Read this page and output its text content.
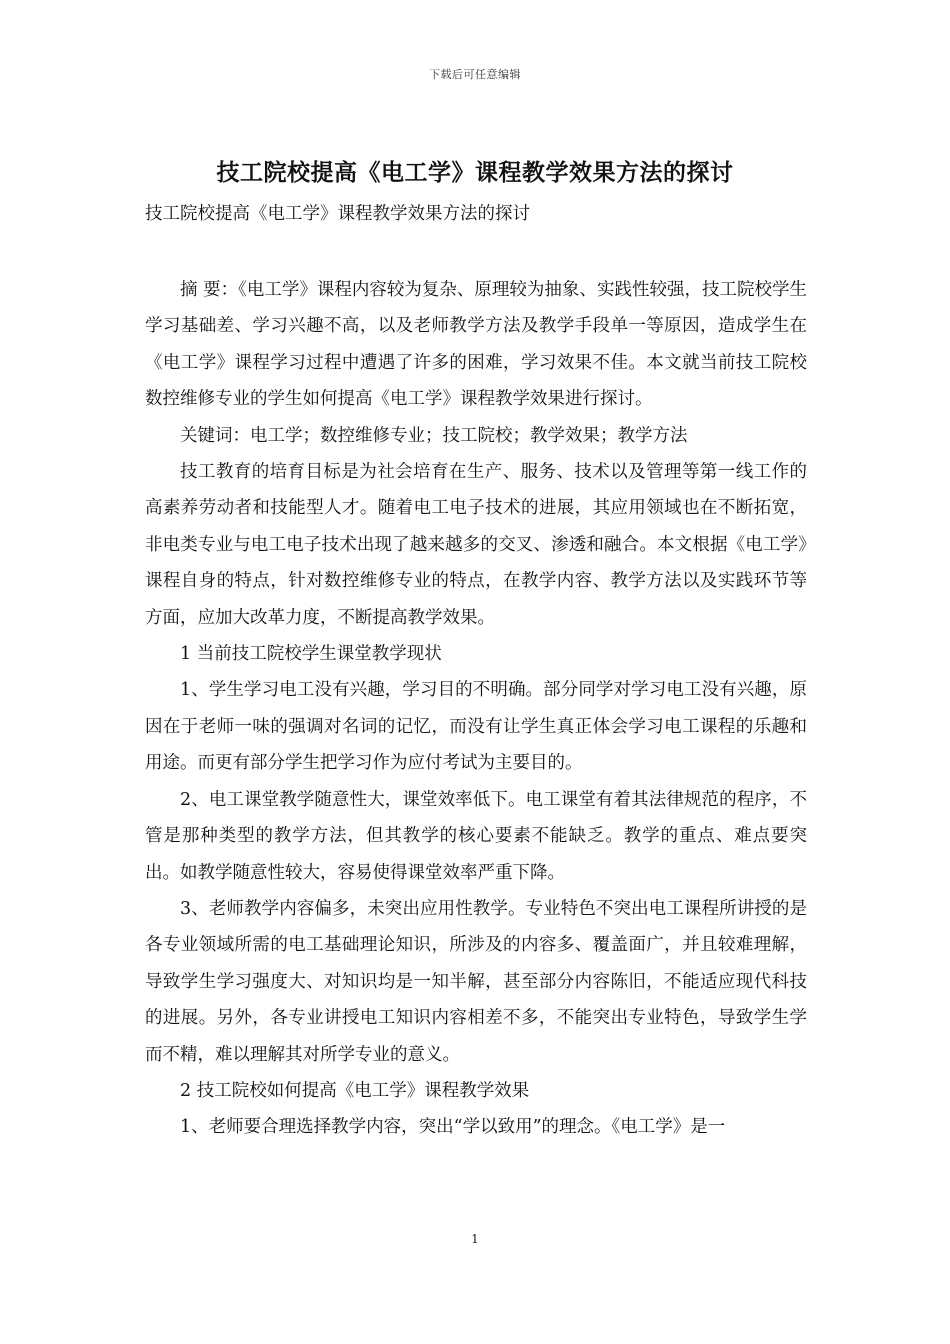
下载后可任意编辑
技工院校提高《电工学》课程教学效果方法的探讨
技工院校提高《电工学》课程教学效果方法的探讨

摘 要：《电工学》课程内容较为复杂、原理较为抽象、实践性较强，技工院校学生学习基础差、学习兴趣不高，以及老师教学方法及教学手段单一等原因，造成学生在《电工学》课程学习过程中遭遇了许多的困难，学习效果不佳。本文就当前技工院校数控维修专业的学生如何提高《电工学》课程教学效果进行探讨。

关键词：电工学；数控维修专业；技工院校；教学效果；教学方法

技工教育的培育目标是为社会培育在生产、服务、技术以及管理等第一线工作的高素养劳动者和技能型人才。随着电工电子技术的进展，其应用领域也在不断拓宽，非电类专业与电工电子技术出现了越来越多的交叉、渗透和融合。本文根据《电工学》课程自身的特点，针对数控维修专业的特点，在教学内容、教学方法以及实践环节等方面，应加大改革力度，不断提高教学效果。

1 当前技工院校学生课堂教学现状

1、学生学习电工没有兴趣，学习目的不明确。部分同学对学习电工没有兴趣，原因在于老师一味的强调对名词的记忆，而没有让学生真正体会学习电工课程的乐趣和用途。而更有部分学生把学习作为应付考试为主要目的。

2、电工课堂教学随意性大，课堂效率低下。电工课堂有着其法律规范的程序，不管是那种类型的教学方法，但其教学的核心要素不能缺乏。教学的重点、难点要突出。如教学随意性较大，容易使得课堂效率严重下降。

3、老师教学内容偏多，未突出应用性教学。专业特色不突出电工课程所讲授的是各专业领域所需的电工基础理论知识，所涉及的内容多、覆盖面广，并且较难理解，导致学生学习强度大、对知识均是一知半解，甚至部分内容陈旧，不能适应现代科技的进展。另外，各专业讲授电工知识内容相差不多，不能突出专业特色，导致学生学而不精，难以理解其对所学专业的意义。

2 技工院校如何提高《电工学》课程教学效果

1、老师要合理选择教学内容，突出“学以致用”的理念。《电工学》是一

1
